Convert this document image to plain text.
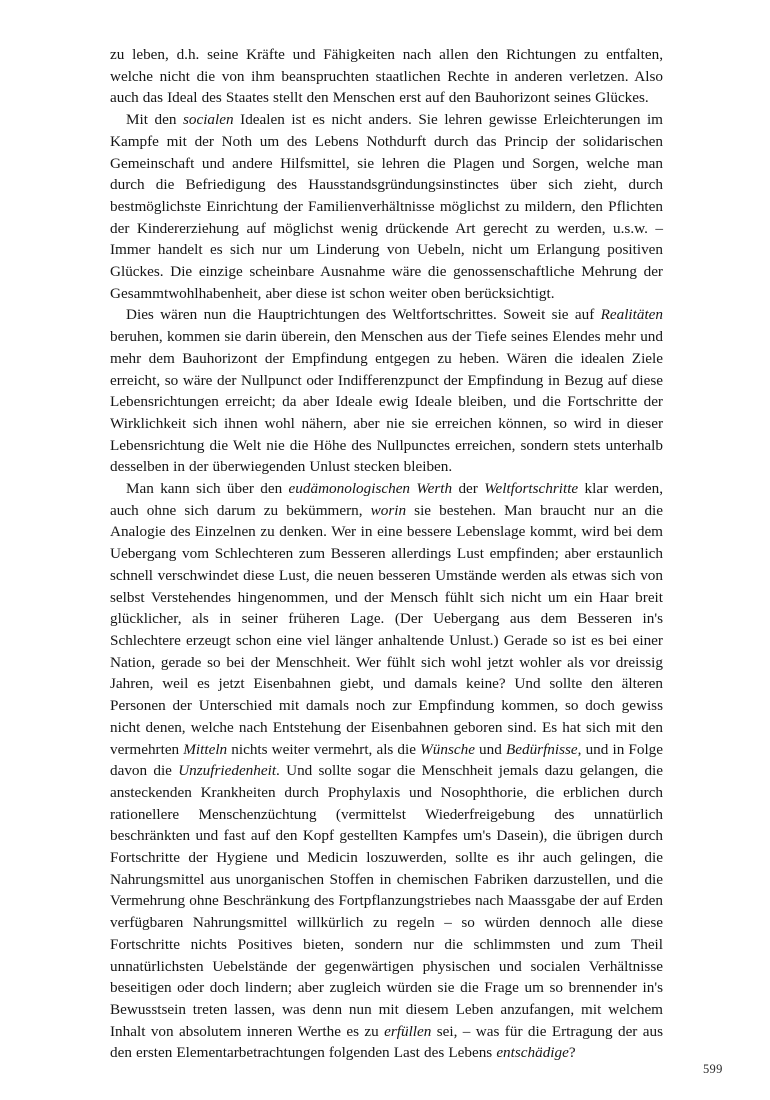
zu leben, d.h. seine Kräfte und Fähigkeiten nach allen den Richtungen zu entfalten, welche nicht die von ihm beanspruchten staatlichen Rechte in anderen verletzen. Also auch das Ideal des Staates stellt den Menschen erst auf den Bauhorizont seines Glückes.

Mit den socialen Idealen ist es nicht anders. Sie lehren gewisse Erleichterungen im Kampfe mit der Noth um des Lebens Nothdurft durch das Princip der solidarischen Gemeinschaft und andere Hilfsmittel, sie lehren die Plagen und Sorgen, welche man durch die Befriedigung des Hausstandsgründungsinstinctes über sich zieht, durch bestmöglichste Einrichtung der Familienverhältnisse möglichst zu mildern, den Pflichten der Kindererziehung auf möglichst wenig drückende Art gerecht zu werden, u.s.w. – Immer handelt es sich nur um Linderung von Uebeln, nicht um Erlangung positiven Glückes. Die einzige scheinbare Ausnahme wäre die genossenschaftliche Mehrung der Gesammtwohlhabenheit, aber diese ist schon weiter oben berücksichtigt.

Dies wären nun die Hauptrichtungen des Weltfortschrittes. Soweit sie auf Realitäten beruhen, kommen sie darin überein, den Menschen aus der Tiefe seines Elendes mehr und mehr dem Bauhorizont der Empfindung entgegen zu heben. Wären die idealen Ziele erreicht, so wäre der Nullpunct oder Indifferenzpunct der Empfindung in Bezug auf diese Lebensrichtungen erreicht; da aber Ideale ewig Ideale bleiben, und die Fortschritte der Wirklichkeit sich ihnen wohl nähern, aber nie sie erreichen können, so wird in dieser Lebensrichtung die Welt nie die Höhe des Nullpunctes erreichen, sondern stets unterhalb desselben in der überwiegenden Unlust stecken bleiben.

Man kann sich über den eudämonologischen Werth der Weltfortschritte klar werden, auch ohne sich darum zu bekümmern, worin sie bestehen. Man braucht nur an die Analogie des Einzelnen zu denken. Wer in eine bessere Lebenslage kommt, wird bei dem Uebergang vom Schlechteren zum Besseren allerdings Lust empfinden; aber erstaunlich schnell verschwindet diese Lust, die neuen besseren Umstände werden als etwas sich von selbst Verstehendes hingenommen, und der Mensch fühlt sich nicht um ein Haar breit glücklicher, als in seiner früheren Lage. (Der Uebergang aus dem Besseren in's Schlechtere erzeugt schon eine viel länger anhaltende Unlust.) Gerade so ist es bei einer Nation, gerade so bei der Menschheit. Wer fühlt sich wohl jetzt wohler als vor dreissig Jahren, weil es jetzt Eisenbahnen giebt, und damals keine? Und sollte den älteren Personen der Unterschied mit damals noch zur Empfindung kommen, so doch gewiss nicht denen, welche nach Entstehung der Eisenbahnen geboren sind. Es hat sich mit den vermehrten Mitteln nichts weiter vermehrt, als die Wünsche und Bedürfnisse, und in Folge davon die Unzufriedenheit. Und sollte sogar die Menschheit jemals dazu gelangen, die ansteckenden Krankheiten durch Prophylaxis und Nosophthorie, die erblichen durch rationellere Menschenzüchtung (vermittelst Wiederfreigebung des unnatürlich beschränkten und fast auf den Kopf gestellten Kampfes um's Dasein), die übrigen durch Fortschritte der Hygiene und Medicin loszuwerden, sollte es ihr auch gelingen, die Nahrungsmittel aus unorganischen Stoffen in chemischen Fabriken darzustellen, und die Vermehrung ohne Beschränkung des Fortpflanzungstriebes nach Maassgabe der auf Erden verfügbaren Nahrungsmittel willkürlich zu regeln – so würden dennoch alle diese Fortschritte nichts Positives bieten, sondern nur die schlimmsten und zum Theil unnatürlichsten Uebelstände der gegenwärtigen physischen und socialen Verhältnisse beseitigen oder doch lindern; aber zugleich würden sie die Frage um so brennender in's Bewusstsein treten lassen, was denn nun mit diesem Leben anzufangen, mit welchem Inhalt von absolutem inneren Werthe es zu erfüllen sei, – was für die Ertragung der aus den ersten Elementarbetrachtungen folgenden Last des Lebens entschädige?

599
